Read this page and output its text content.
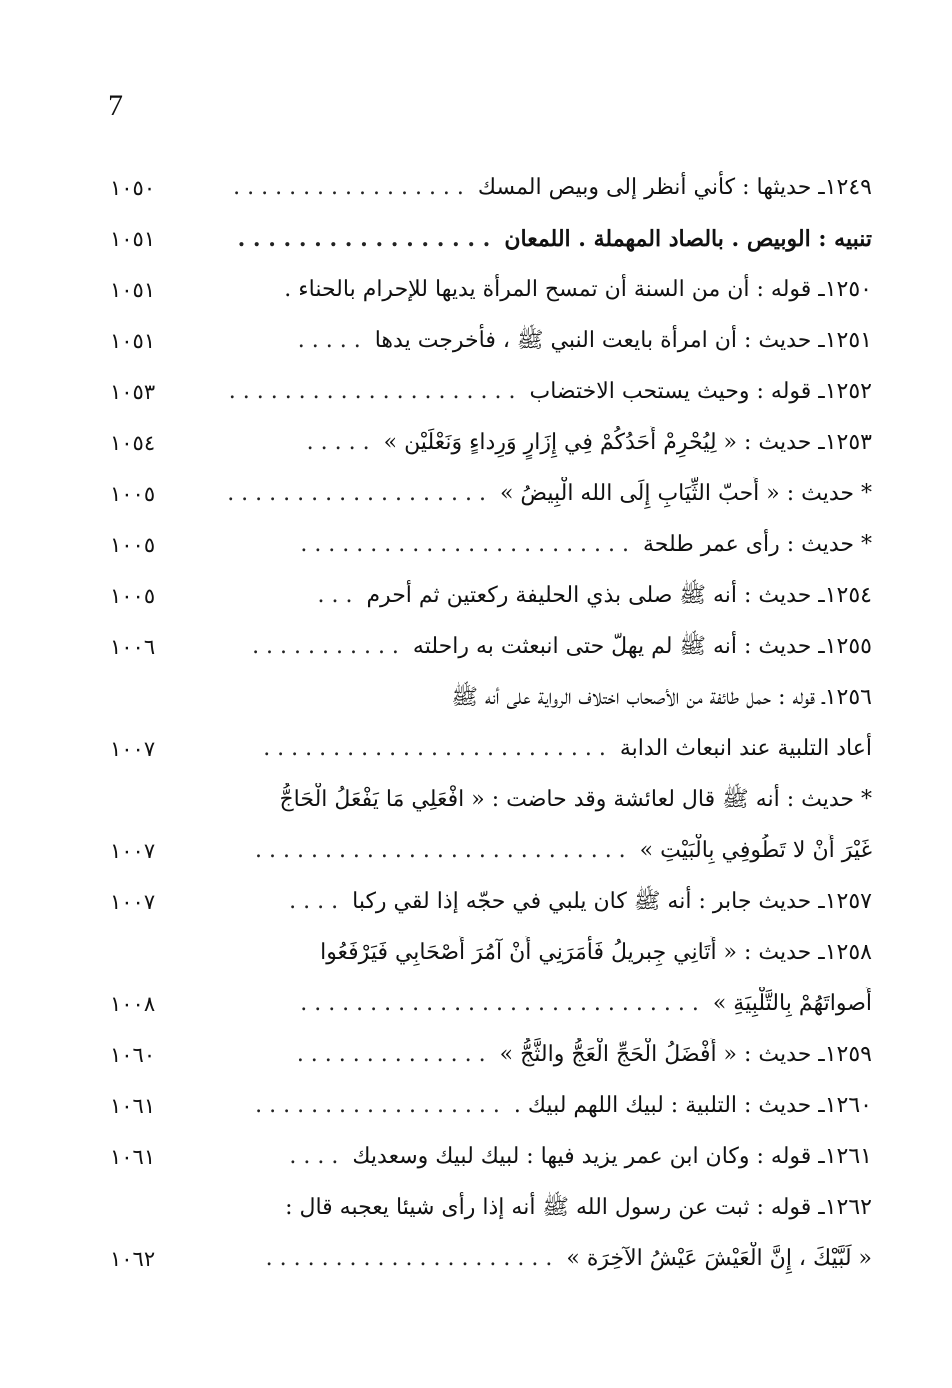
7
١٠٥٠	١٢٤٩ـ حديثها : كأني أنظر إلى وبيص المسك. . . . . . . . . . . . . . . . .
١٠٥١	تنبيه : الوبيص . بالصاد المهملة . اللمعان. . . . . . . . . . . . . . . . .
١٠٥١	١٢٥٠ـ قوله : أن من السنة أن تمسح المرأة يديها للإحرام بالحناء .
١٠٥١	١٢٥١ـ حديث : أن امرأة بايعت النبي ﷺ ، فأخرجت يدها. . . . .
١٠٥٣	١٢٥٢ـ قوله : وحيث يستحب الاختضاب. . . . . . . . . . . . . . . . . . . . .
١٠٥٤	١٢٥٣ـ حديث : « لِيُحْرِمْ أَحَدُكُمْ فِي إِزَارٍ وَرِداءٍ وَنَعْلَيْن ». . . . .
١٠٠٥	* حديث : « أَحبّ الثِّيَابِ إِلَى الله الْبِيضُ ». . . . . . . . . . . . . . . . . . .
١٠٠٥	* حديث : رأى عمر طلحة. . . . . . . . . . . . . . . . . . . . . . . .
١٠٠٥	١٢٥٤ـ حديث : أنه ﷺ صلى بذي الحليفة ركعتين ثم أحرم. . .
١٠٠٦	١٢٥٥ـ حديث : أنه ﷺ لم يهلّ حتى انبعثت به راحلته. . . . . . . . . . .
١٢٥٦ـ قوله : حمل طائفة من الأصحاب اختلاف الرواية على أنه ﷺ
١٠٠٧	أعاد التلبية عند انبعاث الدابة. . . . . . . . . . . . . . . . . . . . . . . . .
* حديث : أنه ﷺ قال لعائشة وقد حاضت : « افْعَلِي مَا يَفْعَلُ الْحَاجُّ
١٠٠٧	غَيْرَ أَنْ لا تَطُوفِي بِالْبَيْتِ ». . . . . . . . . . . . . . . . . . . . . . . . . . .
١٠٠٧	١٢٥٧ـ حديث جابر : أنه ﷺ كان يلبي في حجّه إذا لقي ركبا. . . .
١٢٥٨ـ حديث : « أَتَانِي جِبريلُ فَأَمَرَنِي أَنْ آمُرَ أَصْحَابِي فَيَرْفَعُوا
١٠٠٨	أَصواتَهُمْ بِالتَّلْبِيَةِ ». . . . . . . . . . . . . . . . . . . . . . . . . . . . .
١٠٦٠	١٢٥٩ـ حديث : « أَفْضَلُ الْحَجِّ الْعَجُّ والثَّجُّ ». . . . . . . . . . . . . .
١٠٦١	١٢٦٠ـ حديث : التلبية : لبيك اللهم لبيك .. . . . . . . . . . . . . . . . . .
١٠٦١	١٢٦١ـ قوله : وكان ابن عمر يزيد فيها : لبيك لبيك وسعديك. . . .
١٢٦٢ـ قوله : ثبت عن رسول الله ﷺ أنه إذا رأى شيئا يعجبه قال :
١٠٦٢	« لَبَّيْكَ ، إِنَّ الْعَيْشَ عَيْشُ الآخِرَة ». . . . . . . . . . . . . . . . . . . . .
